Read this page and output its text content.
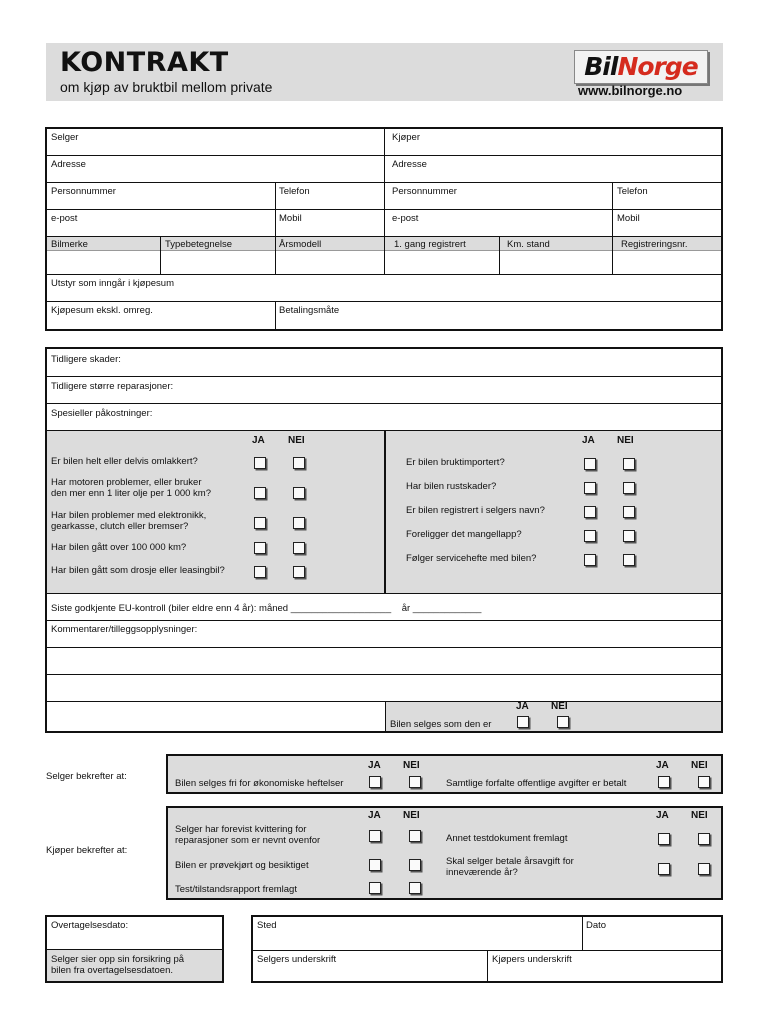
KONTRAKT
om kjøp av bruktbil mellom private
BilNorge
www.bilnorge.no
Selger	Kjøper
Adresse	Adresse
Personnummer	Telefon	Personnummer	Telefon
e-post	Mobil	e-post	Mobil
Bilmerke	Typebetegnelse	Årsmodell	1. gang registrert	Km. stand	Registreringsnr.
Utstyr som inngår i kjøpesum
Kjøpesum ekskl. omreg.	Betalingsmåte
Tidligere skader:
Tidligere større reparasjoner:
Spesieller påkostninger:
JA NEI
Er bilen helt eller delvis omlakkert?
Har motoren problemer, eller bruker
den mer enn 1 liter olje per 1 000 km?
Har bilen problemer med elektronikk,
gearkasse, clutch eller bremser?
Har bilen gått over 100 000 km?
Har bilen gått som drosje eller leasingbil?
JA NEI
Er bilen bruktimportert?
Har bilen rustskader?
Er bilen registrert i selgers navn?
Foreligger det mangellapp?
Følger servicehefte med bilen?
Siste godkjente EU-kontroll (biler eldre enn 4 år): måned ___________________ år _____________
Kommentarer/tilleggsopplysninger:
JA NEI
Bilen selges som den er
Selger bekrefter at:
JA NEI	JA NEI
Bilen selges fri for økonomiske heftelser	Samtlige forfalte offentlige avgifter er betalt
Kjøper bekrefter at:
JA NEI	JA NEI
Selger har forevist kvittering for
reparasjoner som er nevnt ovenfor
Bilen er prøvekjørt og besiktiget
Test/tilstandsrapport fremlagt
Annet testdokument fremlagt
Skal selger betale årsavgift for
inneværende år?
Overtagelsesdato:
Selger sier opp sin forsikring på
bilen fra overtagelsesdatoen.
Sted	Dato
Selgers underskrift	Kjøpers underskrift
